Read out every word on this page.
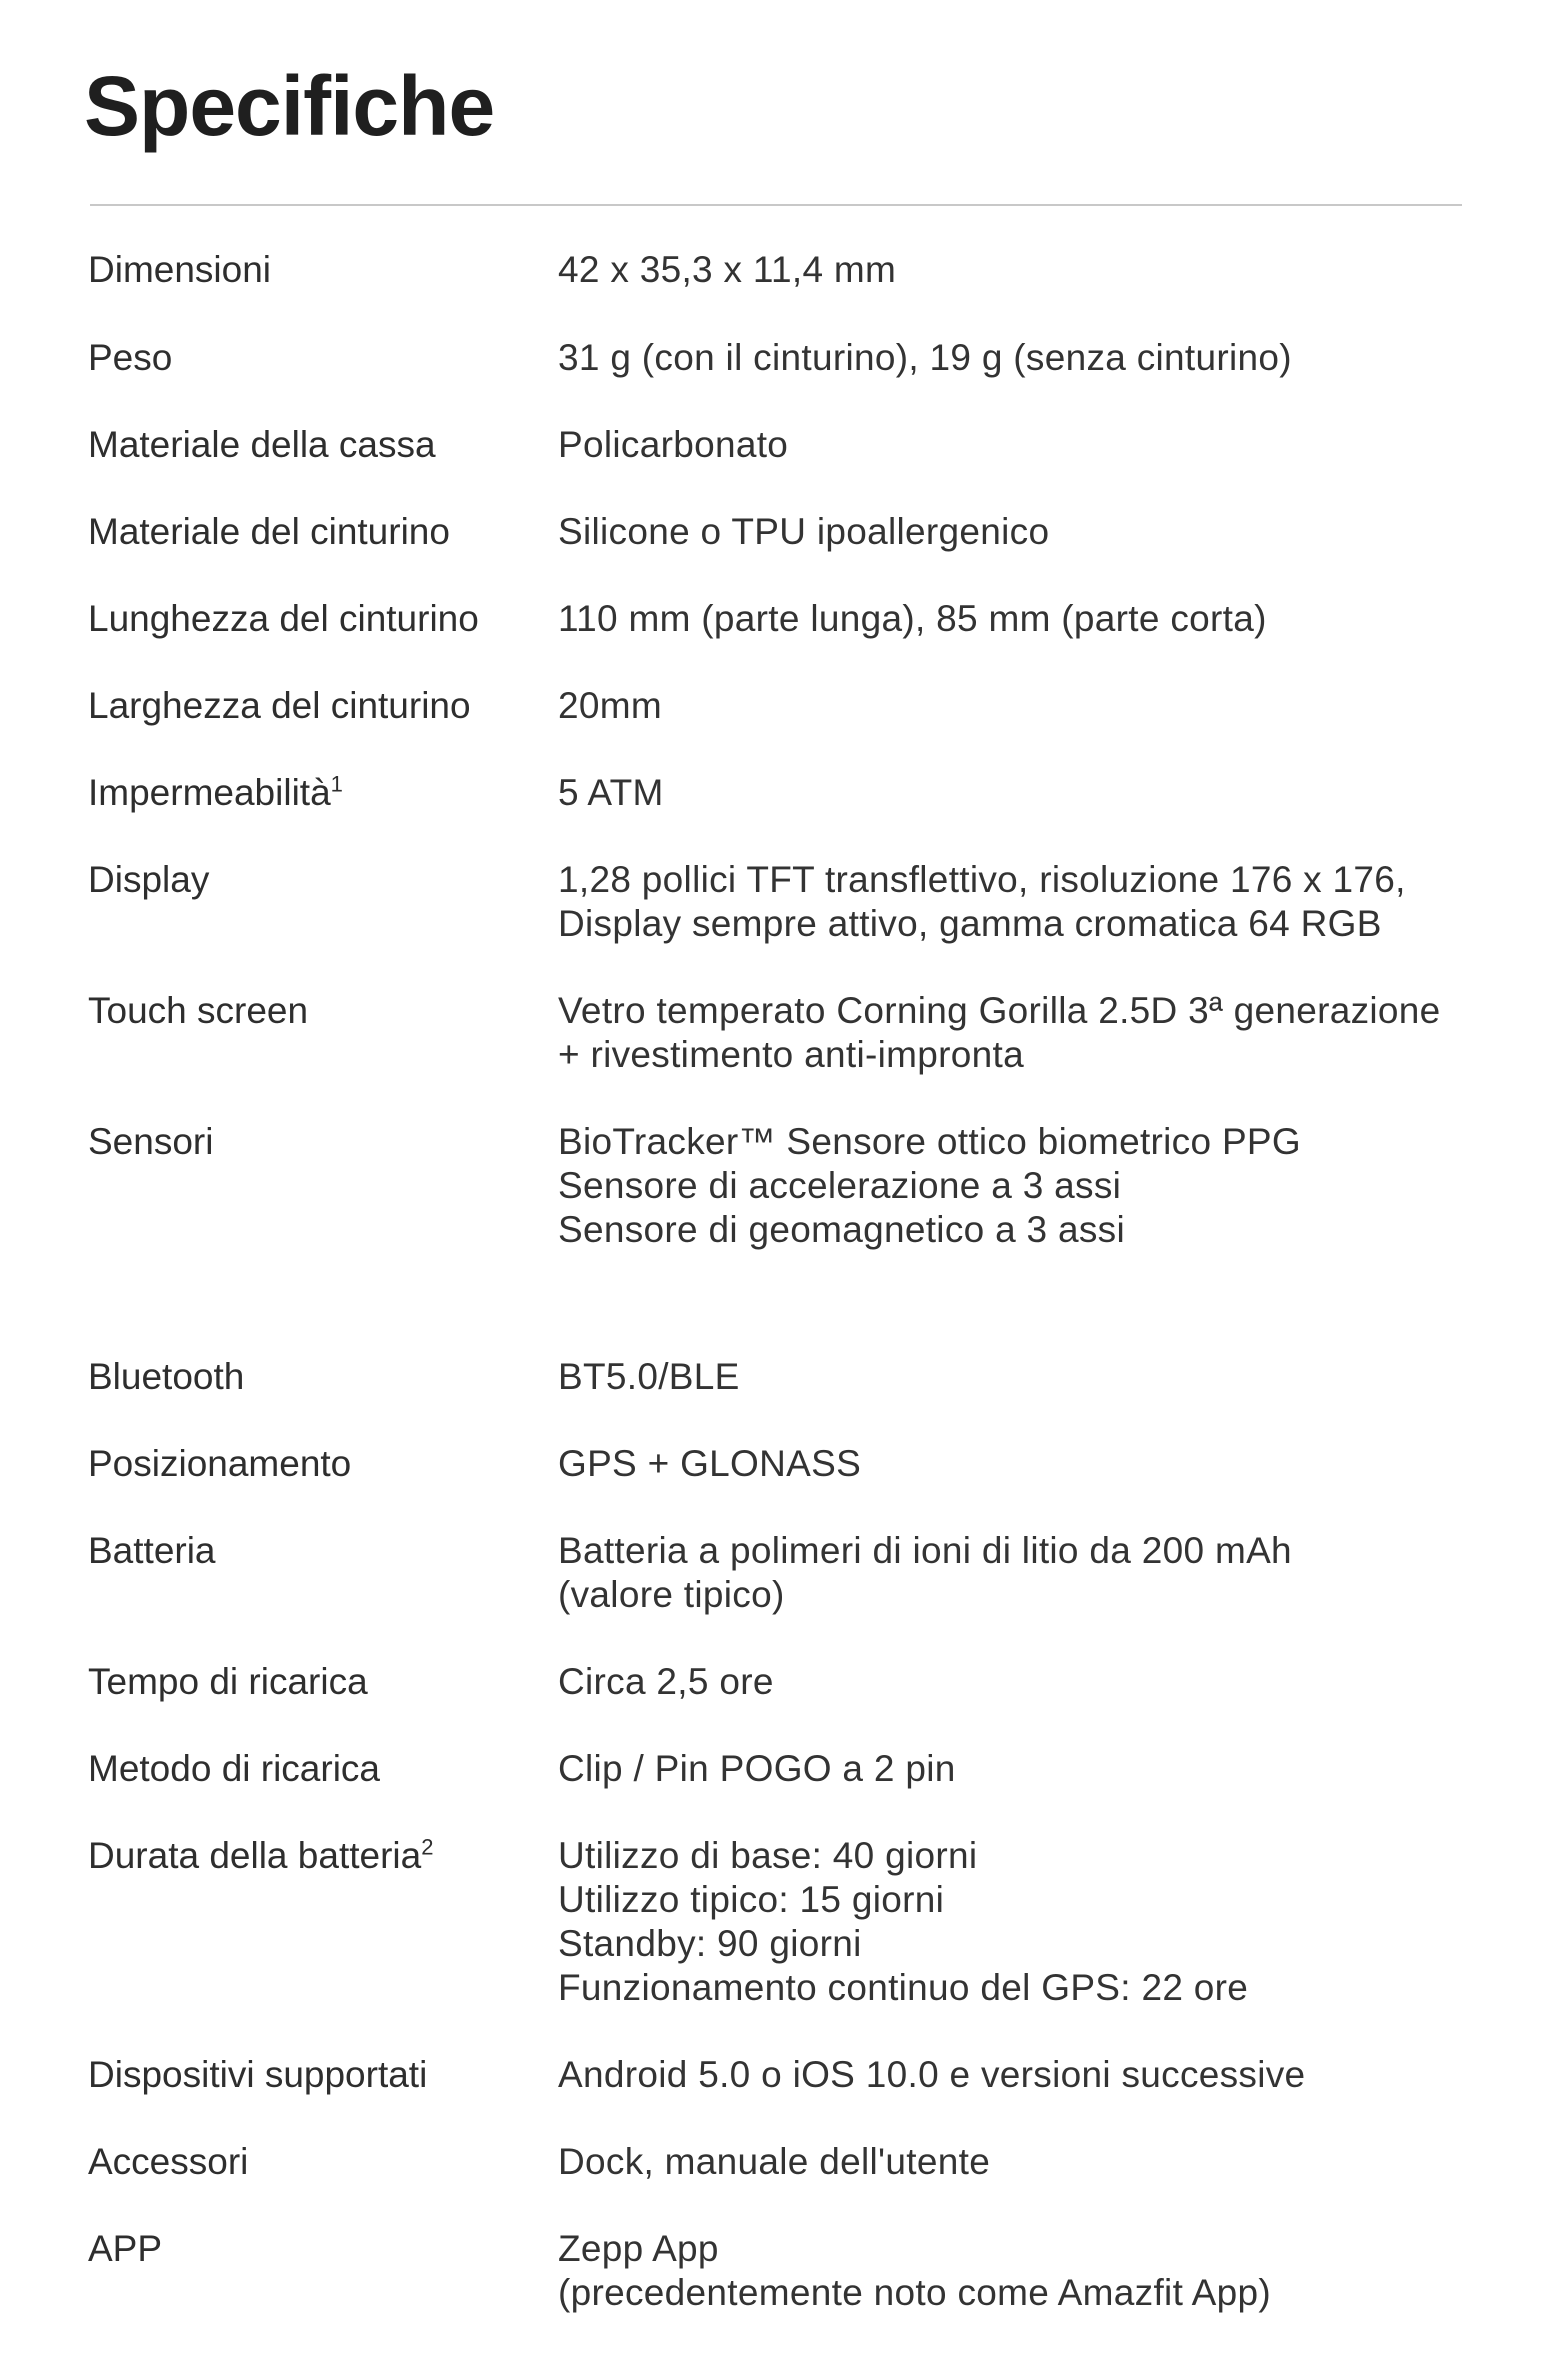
Specifiche
Dimensioni	42 x 35,3 x 11,4 mm
Peso	31 g (con il cinturino), 19 g (senza cinturino)
Materiale della cassa	Policarbonato
Materiale del cinturino	Silicone o TPU ipoallergenico
Lunghezza del cinturino	110 mm (parte lunga), 85 mm (parte corta)
Larghezza del cinturino	20mm
Impermeabilità$^1$	5 ATM
Display	1,28 pollici TFT transflettivo, risoluzione 176 x 176,
Display sempre attivo, gamma cromatica 64 RGB
Touch screen	Vetro temperato Corning Gorilla 2.5D 3ª generazione
+ rivestimento anti-impronta
Sensori	BioTracker™ Sensore ottico biometrico PPG
Sensore di accelerazione a 3 assi
Sensore di geomagnetico a 3 assi
Bluetooth	BT5.0/BLE
Posizionamento	GPS + GLONASS
Batteria	Batteria a polimeri di ioni di litio da 200 mAh
(valore tipico)
Tempo di ricarica	Circa 2,5 ore
Metodo di ricarica	Clip / Pin POGO a 2 pin
Durata della batteria$^2$	Utilizzo di base: 40 giorni
Utilizzo tipico: 15 giorni
Standby: 90 giorni
Funzionamento continuo del GPS: 22 ore
Dispositivi supportati	Android 5.0 o iOS 10.0 e versioni successive
Accessori	Dock, manuale dell'utente
APP	Zepp App
(precedentemente noto come Amazfit App)
